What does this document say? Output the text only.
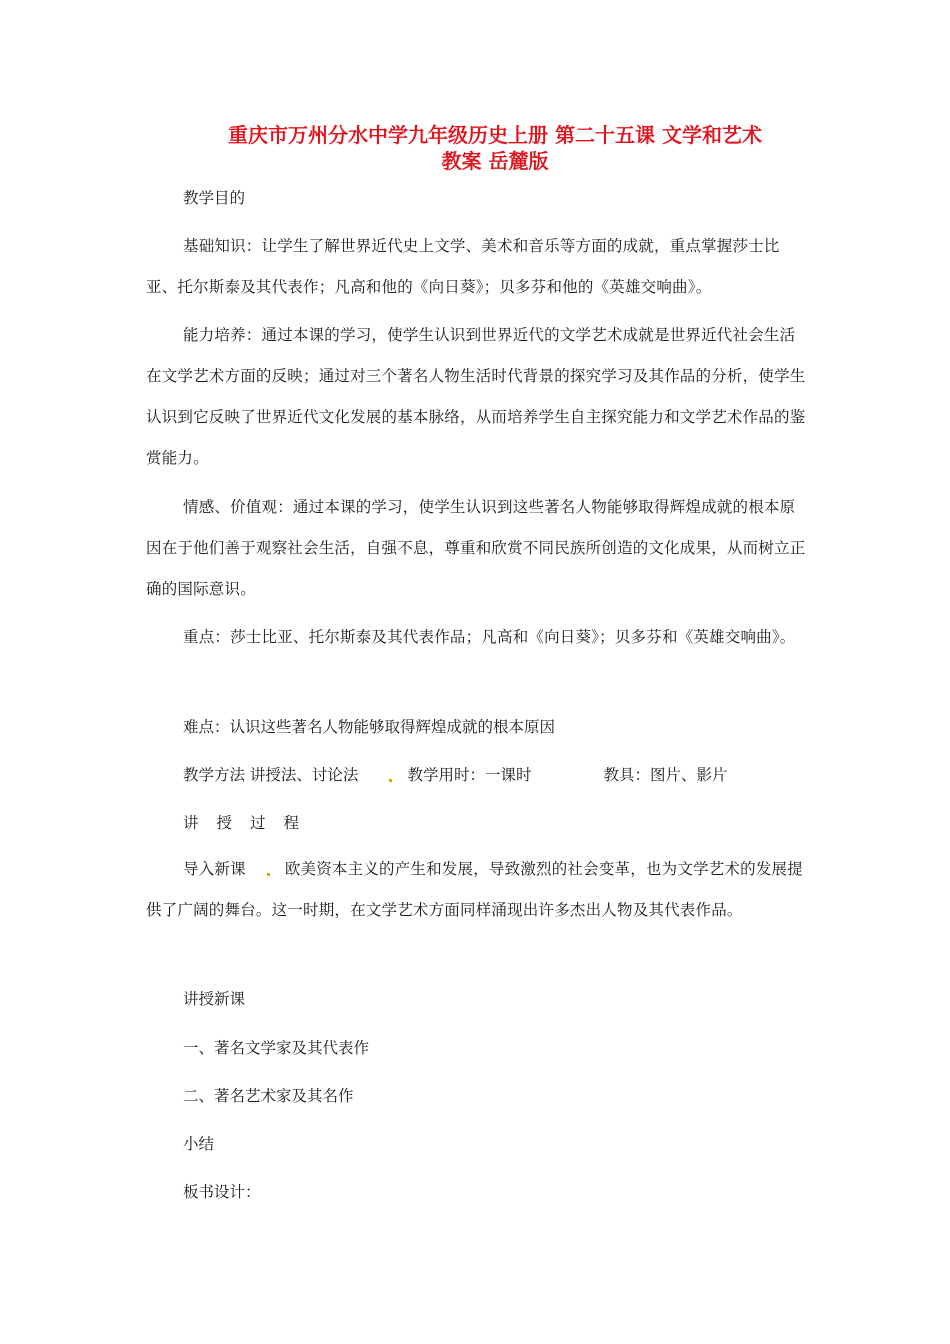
重庆市万州分水中学九年级历史上册 第二十五课 文学和艺术
教案 岳麓版

教学目的

基础知识：让学生了解世界近代史上文学、美术和音乐等方面的成就，重点掌握莎士比亚、托尔斯泰及其代表作；凡高和他的《向日葵》；贝多芬和他的《英雄交响曲》。

能力培养：通过本课的学习，使学生认识到世界近代的文学艺术成就是世界近代社会生活在文学艺术方面的反映；通过对三个著名人物生活时代背景的探究学习及其作品的分析，使学生认识到它反映了世界近代文化发展的基本脉络，从而培养学生自主探究能力和文学艺术作品的鉴赏能力。

情感、价值观：通过本课的学习，使学生认识到这些著名人物能够取得辉煌成就的根本原因在于他们善于观察社会生活，自强不息，尊重和欣赏不同民族所创造的文化成果，从而树立正确的国际意识。

重点：莎士比亚、托尔斯泰及其代表作品；凡高和《向日葵》；贝多芬和《英雄交响曲》。

难点：认识这些著名人物能够取得辉煌成就的根本原因

教学方法 讲授法、讨论法	教学用时：一课时	教具：图片、影片

讲 授 过 程

导入新课	欧美资本主义的产生和发展，导致激烈的社会变革，也为文学艺术的发展提供了广阔的舞台。这一时期，在文学艺术方面同样涌现出许多杰出人物及其代表作品。

讲授新课

一、著名文学家及其代表作

二、著名艺术家及其名作

小结

板书设计：
